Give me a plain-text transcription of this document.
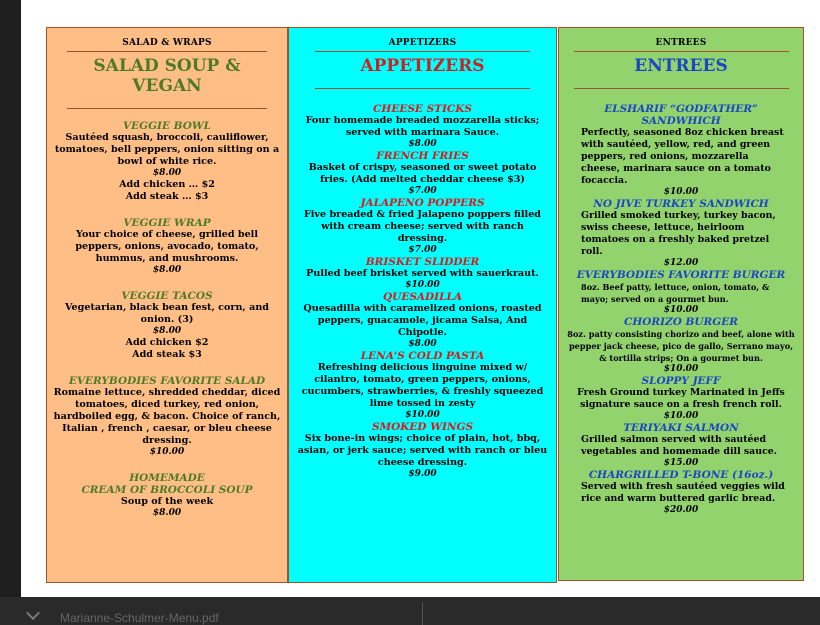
SALAD & WRAPS
SALAD SOUP & VEGAN
VEGGIE BOWL
Sautéed squash, broccoli, cauliflower, tomatoes, bell peppers, onion sitting on a bowl of white rice.
$8.00
Add chicken … $2
Add steak … $3
VEGGIE WRAP
Your choice of cheese, grilled bell peppers, onions, avocado, tomato, hummus, and mushrooms.
$8.00
VEGGIE TACOS
Vegetarian, black bean fest, corn, and onion. (3)
$8.00
Add chicken $2
Add steak $3
EVERYBODIES FAVORITE SALAD
Romaine lettuce, shredded cheddar, diced tomatoes, diced turkey, red onion, hardboiled egg, & bacon. Choice of ranch, Italian , french , caesar, or bleu cheese dressing.
$10.00
HOMEMADE
CREAM OF BROCCOLI SOUP
Soup of the week
$8.00
APPETIZERS
APPETIZERS
CHEESE STICKS
Four homemade breaded mozzarella sticks; served with marinara Sauce.
$8.00
FRENCH FRIES
Basket of crispy, seasoned or sweet potato fries. (Add melted cheddar cheese $3)
$7.00
JALAPENO POPPERS
Five breaded & fried Jalapeno poppers filled with cream cheese; served with ranch dressing.
$7.00
BRISKET SLIDDER
Pulled beef brisket served with sauerkraut.
$10.00
QUESADILLA
Quesadilla with caramelized onions, roasted peppers, guacamole, jicama Salsa, And Chipotle.
$8.00
LENA'S COLD PASTA
Refreshing delicious linguine mixed w/ cilantro, tomato, green peppers, onions, cucumbers, strawberries, & freshly squeezed lime tossed in zesty
$10.00
SMOKED WINGS
Six bone-in wings; choice of plain, hot, bbq, asian, or jerk sauce; served with ranch or bleu cheese dressing.
$9.00
ENTREES
ENTREES
ELSHARIF “GODFATHER” SANDWHICH
Perfectly, seasoned 8oz chicken breast with sautéed, yellow, red, and green peppers, red onions, mozzarella cheese, marinara sauce on a tomato focaccia.
$10.00
NO JIVE TURKEY SANDWICH
Grilled smoked turkey, turkey bacon, swiss cheese, lettuce, heirloom tomatoes on a freshly baked pretzel roll.
$12.00
EVERYBODIES FAVORITE BURGER
8oz. Beef patty, lettuce, onion, tomato, & mayo; served on a gourmet bun.
$10.00
CHORIZO BURGER
8oz. patty consisting chorizo and beef, alone with pepper jack cheese, pico de gallo, Serrano mayo, & tortilla strips; On a gourmet bun.
$10.00
SLOPPY JEFF
Fresh Ground turkey Marinated in Jeffs signature sauce on a fresh french roll.
$10.00
TERIYAKI SALMON
Grilled salmon served with sautéed vegetables and homemade dill sauce.
$15.00
CHARGRILLED T-BONE (16oz.)
Served with fresh sautéed veggies wild rice and warm buttered garlic bread.
$20.00
Marianne-Schulmer-Menu.pdf
